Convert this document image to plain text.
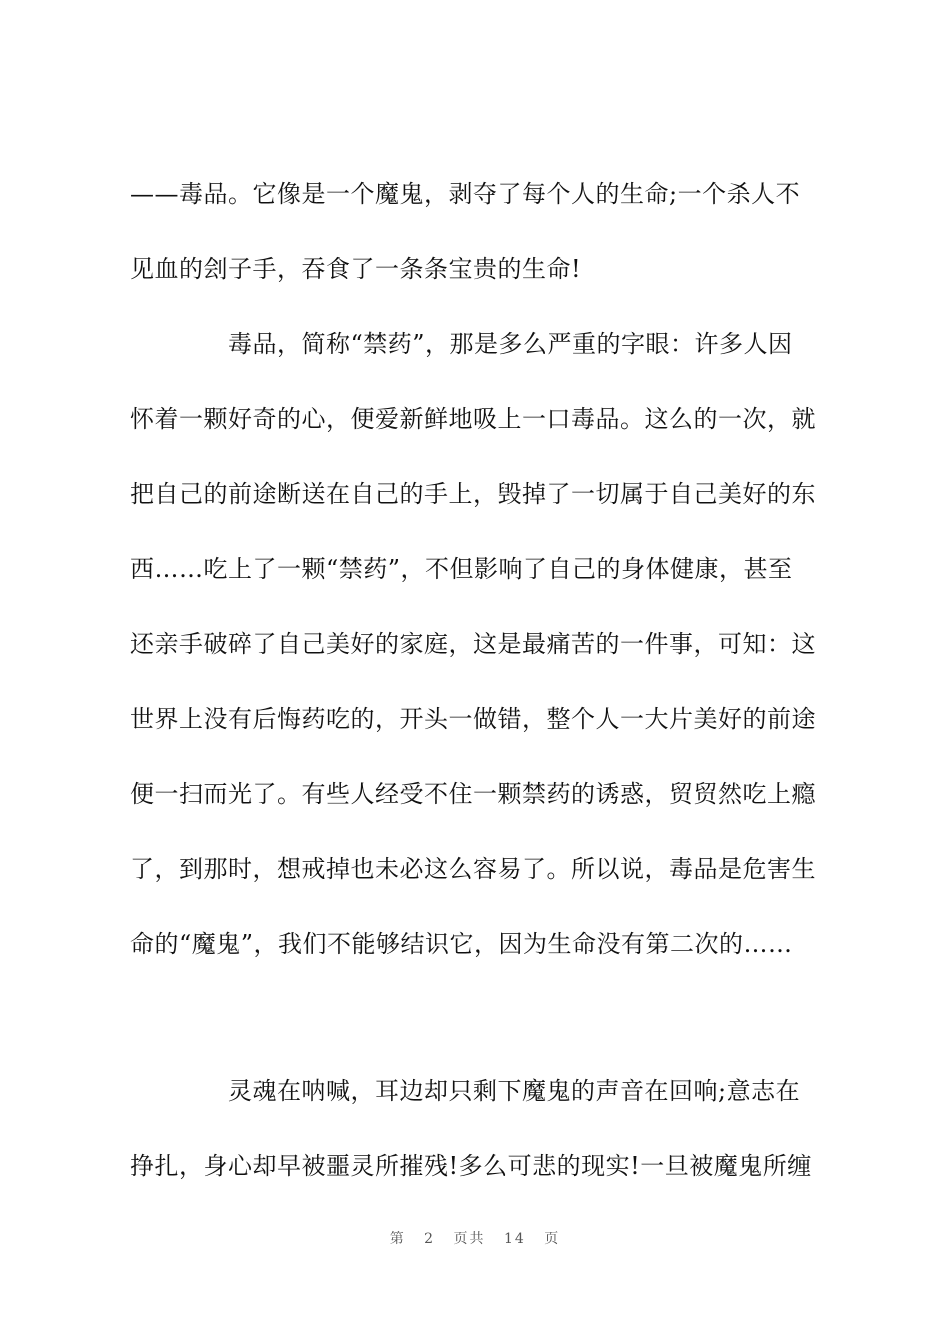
——毒品。它像是一个魔鬼，剥夺了每个人的生命;一个杀人不
见血的刽子手，吞食了一条条宝贵的生命!
　　　　毒品，简称“禁药”，那是多么严重的字眼：许多人因
怀着一颗好奇的心，便爱新鲜地吸上一口毒品。这么的一次，就
把自己的前途断送在自己的手上，毁掉了一切属于自己美好的东
西……吃上了一颗“禁药”，不但影响了自己的身体健康，甚至
还亲手破碎了自己美好的家庭，这是最痛苦的一件事，可知：这
世界上没有后悔药吃的，开头一做错，整个人一大片美好的前途
便一扫而光了。有些人经受不住一颗禁药的诱惑，贸贸然吃上瘾
了，到那时，想戒掉也未必这么容易了。所以说，毒品是危害生
命的“魔鬼”，我们不能够结识它，因为生命没有第二次的……
　　　　灵魂在呐喊，耳边却只剩下魔鬼的声音在回响;意志在
挣扎，身心却早被噩灵所摧残!多么可悲的现实!一旦被魔鬼所缠
第 2 页共 14 页
